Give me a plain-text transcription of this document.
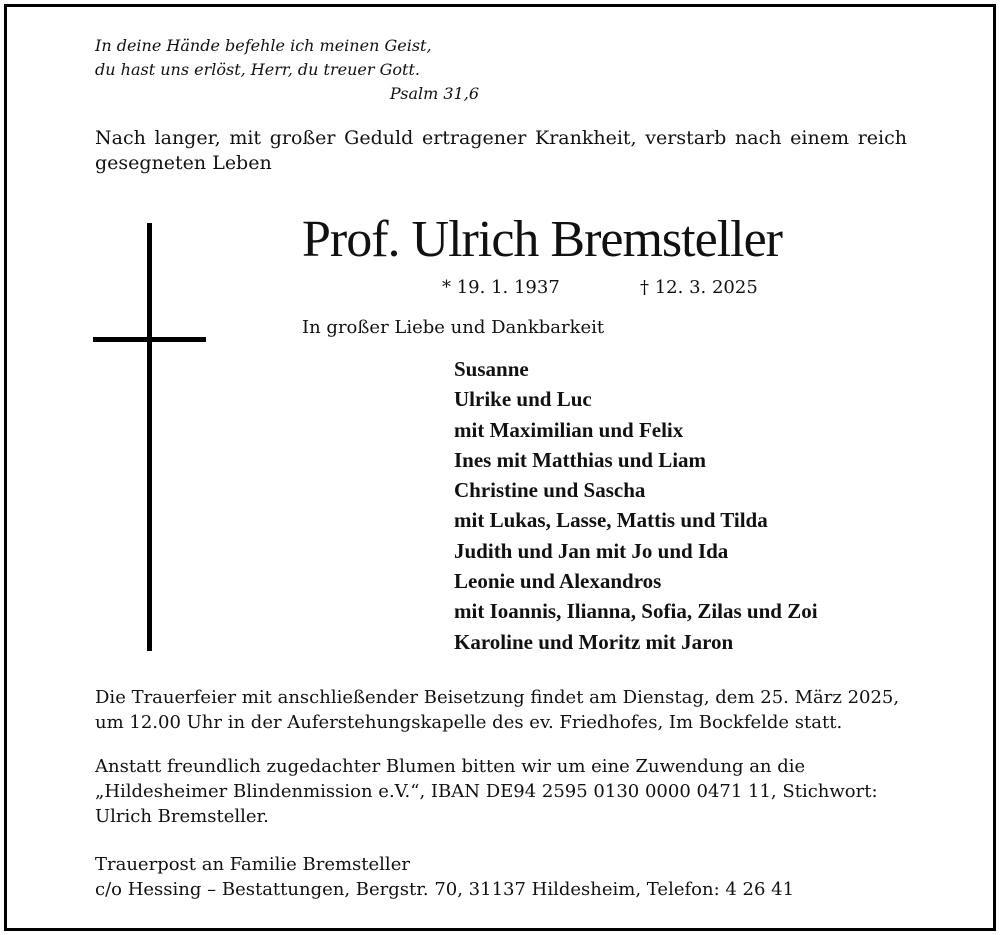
In deine Hände befehle ich meinen Geist,
du hast uns erlöst, Herr, du treuer Gott.
Psalm 31,6
Nach langer, mit großer Geduld ertragener Krankheit, verstarb nach einem reich gesegneten Leben
Prof. Ulrich Bremsteller
* 19. 1. 1937	† 12. 3. 2025
In großer Liebe und Dankbarkeit
Susanne
Ulrike und Luc
mit Maximilian und Felix
Ines mit Matthias und Liam
Christine und Sascha
mit Lukas, Lasse, Mattis und Tilda
Judith und Jan mit Jo und Ida
Leonie und Alexandros
mit Ioannis, Ilianna, Sofia, Zilas und Zoi
Karoline und Moritz mit Jaron
Die Trauerfeier mit anschließender Beisetzung findet am Dienstag, dem 25. März 2025,
um 12.00 Uhr in der Auferstehungskapelle des ev. Friedhofes, Im Bockfelde statt.
Anstatt freundlich zugedachter Blumen bitten wir um eine Zuwendung an die
„Hildesheimer Blindenmission e.V.“, IBAN DE94 2595 0130 0000 0471 11, Stichwort:
Ulrich Bremsteller.
Trauerpost an Familie Bremsteller
c/o Hessing – Bestattungen, Bergstr. 70, 31137 Hildesheim, Telefon: 4 26 41
